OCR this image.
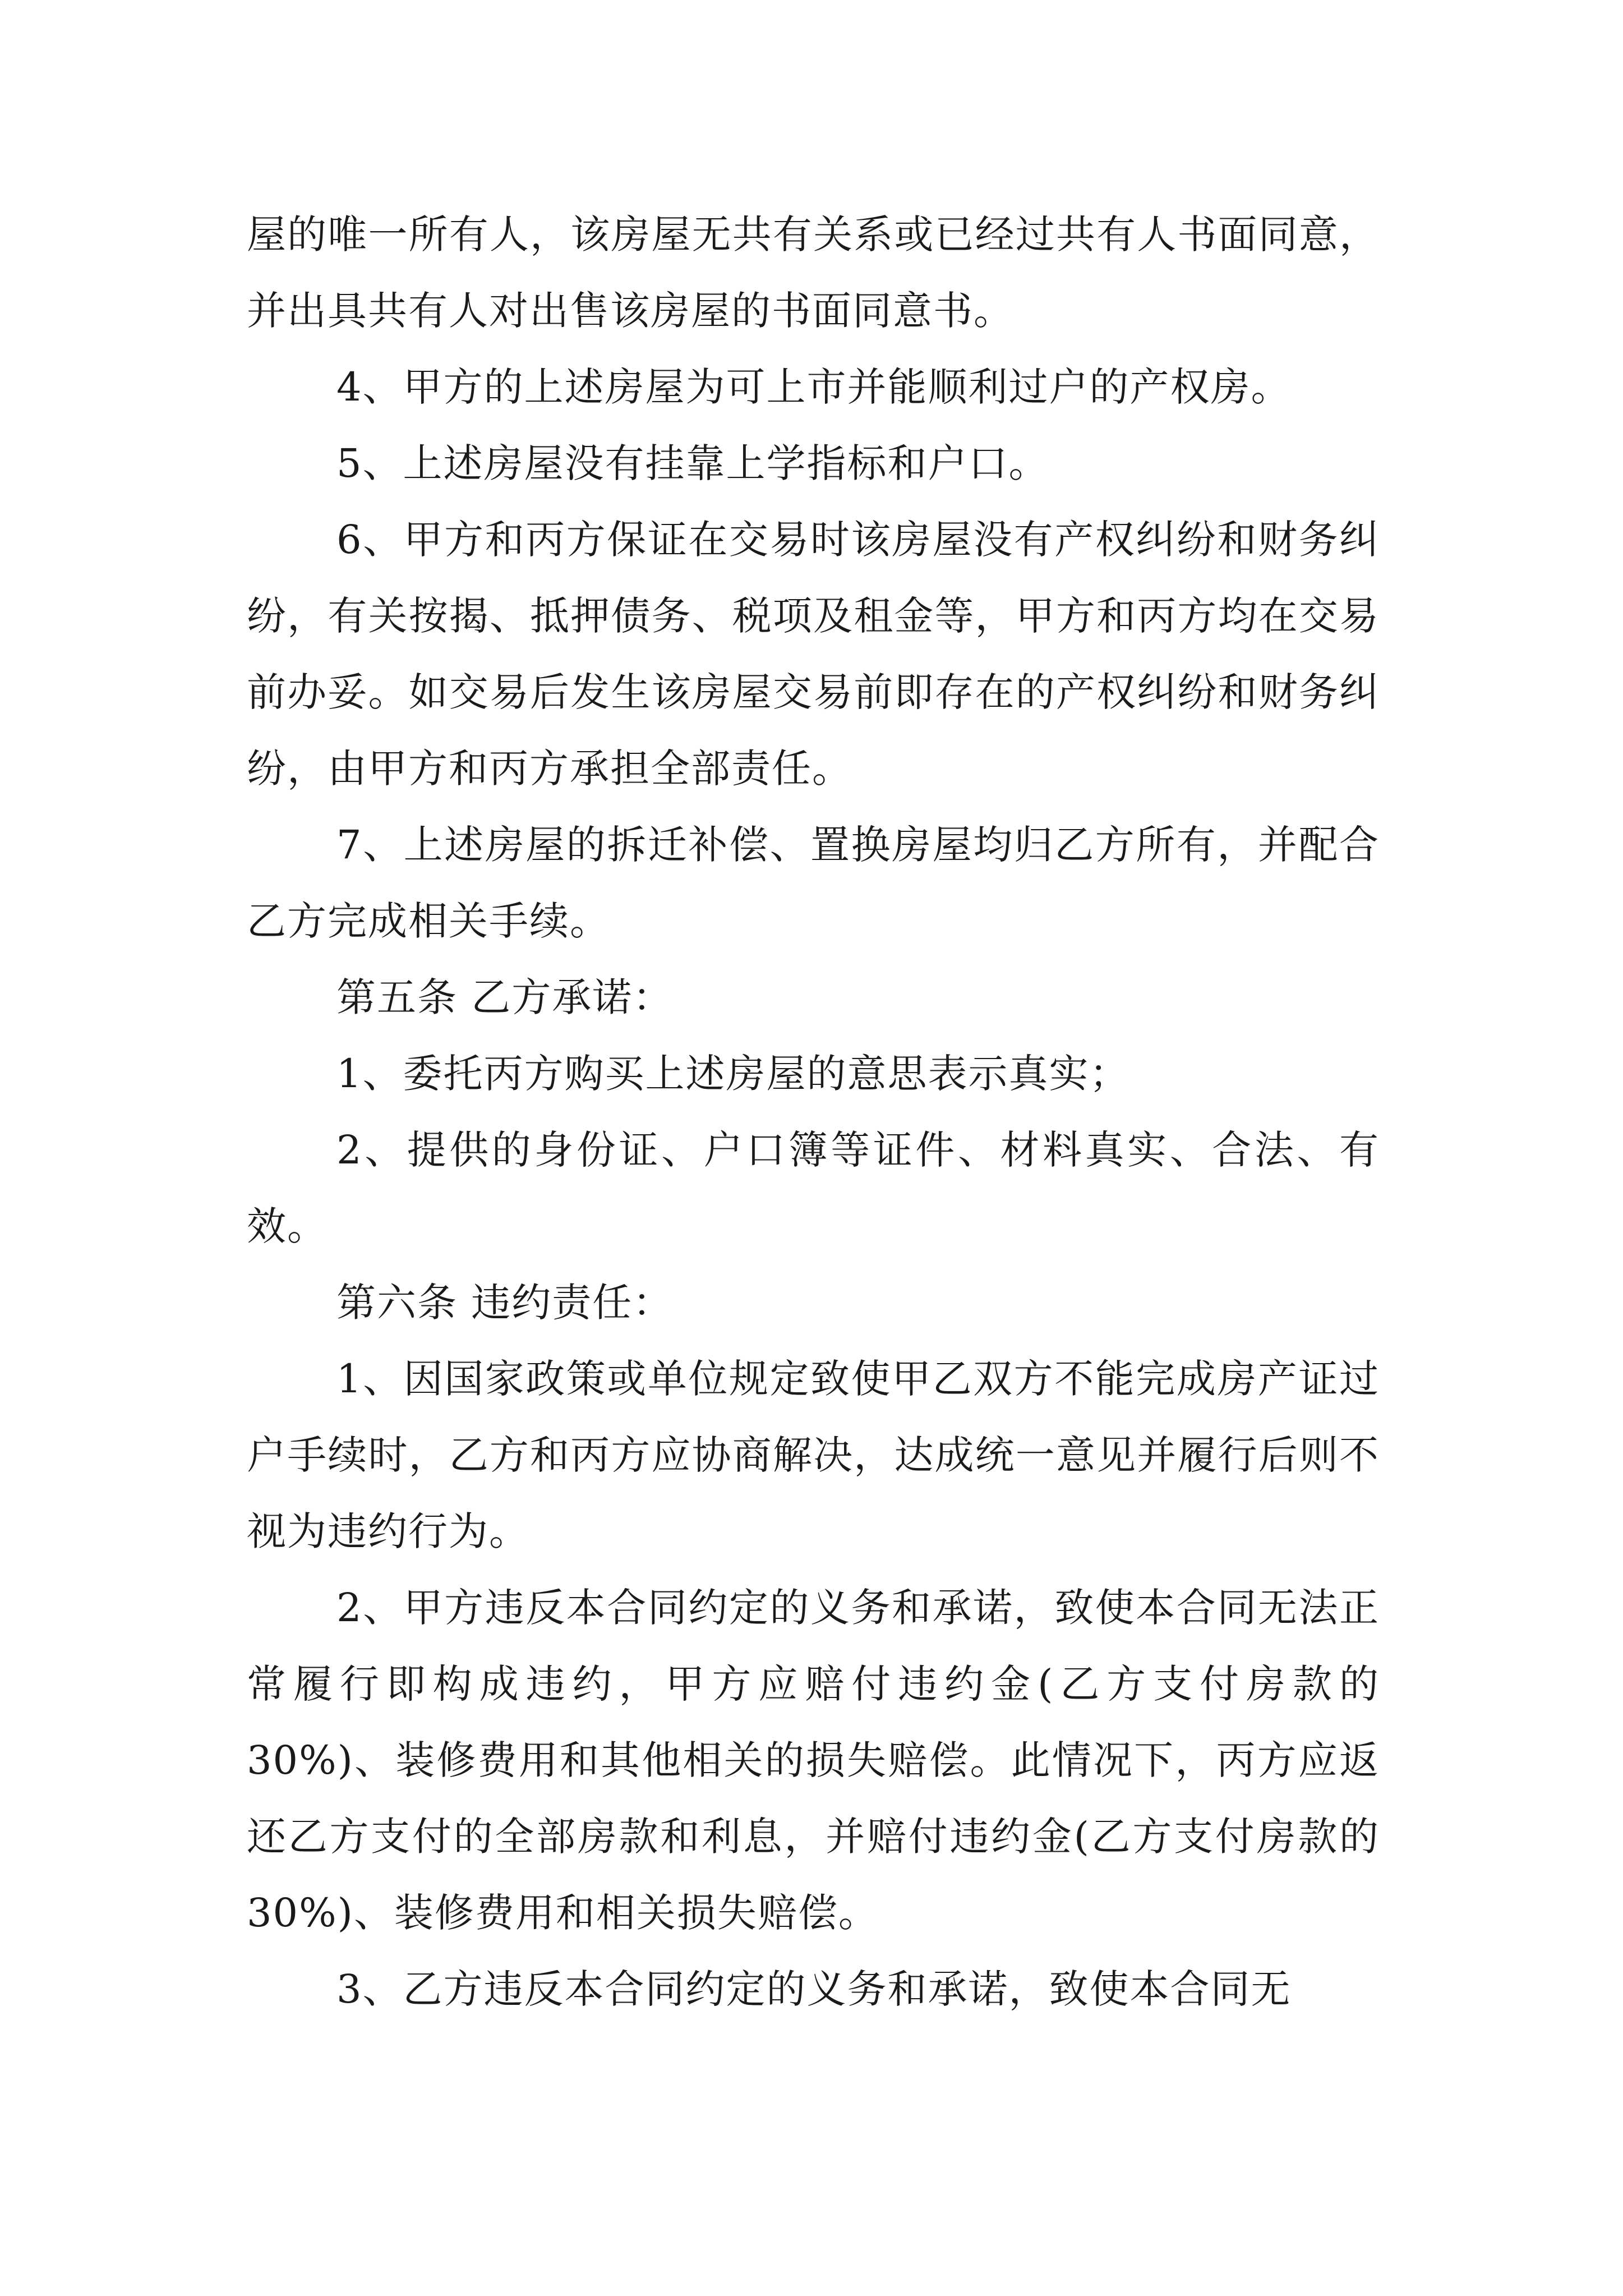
屋的唯一所有人，该房屋无共有关系或已经过共有人书面同意，并出具共有人对出售该房屋的书面同意书。

4、甲方的上述房屋为可上市并能顺利过户的产权房。

5、上述房屋没有挂靠上学指标和户口。

6、甲方和丙方保证在交易时该房屋没有产权纠纷和财务纠纷，有关按揭、抵押债务、税项及租金等，甲方和丙方均在交易前办妥。如交易后发生该房屋交易前即存在的产权纠纷和财务纠纷，由甲方和丙方承担全部责任。

7、上述房屋的拆迁补偿、置换房屋均归乙方所有，并配合乙方完成相关手续。

第五条 乙方承诺：

1、委托丙方购买上述房屋的意思表示真实；

2、提供的身份证、户口簿等证件、材料真实、合法、有效。

第六条 违约责任：

1、因国家政策或单位规定致使甲乙双方不能完成房产证过户手续时，乙方和丙方应协商解决，达成统一意见并履行后则不视为违约行为。

2、甲方违反本合同约定的义务和承诺，致使本合同无法正常履行即构成违约，甲方应赔付违约金(乙方支付房款的 30%)、装修费用和其他相关的损失赔偿。此情况下，丙方应返还乙方支付的全部房款和利息，并赔付违约金(乙方支付房款的 30%)、装修费用和相关损失赔偿。

3、乙方违反本合同约定的义务和承诺，致使本合同无
